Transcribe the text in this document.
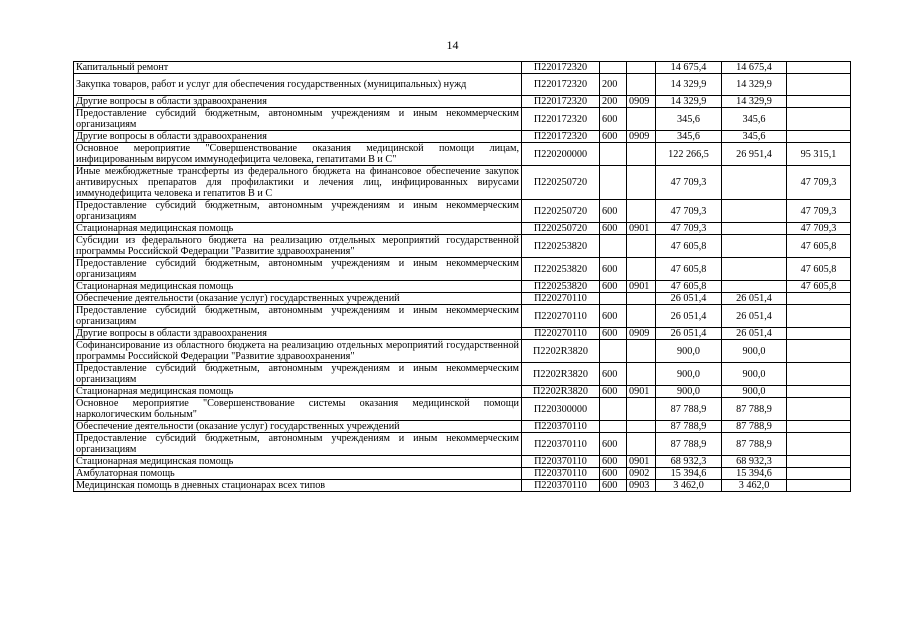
14
Капитальный ремонт	П220172320			14 675,4	14 675,4	
Закупка товаров, работ и услуг для обеспечения государственных (муниципальных) нужд	П220172320	200		14 329,9	14 329,9	
Другие вопросы в области здравоохранения	П220172320	200	0909	14 329,9	14 329,9	
Предоставление субсидий бюджетным, автономным учреждениям и иным некоммерческим организациям	П220172320	600		345,6	345,6	
Другие вопросы в области здравоохранения	П220172320	600	0909	345,6	345,6	
Основное мероприятие "Совершенствование оказания медицинской помощи лицам, инфицированным вирусом иммунодефицита человека, гепатитами В и С"	П220200000			122 266,5	26 951,4	95 315,1
Иные межбюджетные трансферты из федерального бюджета на финансовое обеспечение закупок антивирусных препаратов для профилактики и лечения лиц, инфицированных вирусами иммунодефицита человека и гепатитов В и С	П220250720			47 709,3		47 709,3
Предоставление субсидий бюджетным, автономным учреждениям и иным некоммерческим организациям	П220250720	600		47 709,3		47 709,3
Стационарная медицинская помощь	П220250720	600	0901	47 709,3		47 709,3
Субсидии из федерального бюджета на реализацию отдельных мероприятий государственной программы Российской Федерации "Развитие здравоохранения"	П220253820			47 605,8		47 605,8
Предоставление субсидий бюджетным, автономным учреждениям и иным некоммерческим организациям	П220253820	600		47 605,8		47 605,8
Стационарная медицинская помощь	П220253820	600	0901	47 605,8		47 605,8
Обеспечение деятельности (оказание услуг) государственных учреждений	П220270110			26 051,4	26 051,4	
Предоставление субсидий бюджетным, автономным учреждениям и иным некоммерческим организациям	П220270110	600		26 051,4	26 051,4	
Другие вопросы в области здравоохранения	П220270110	600	0909	26 051,4	26 051,4	
Софинансирование из областного бюджета на реализацию отдельных мероприятий государственной программы Российской Федерации "Развитие здравоохранения"	П2202R3820			900,0	900,0	
Предоставление субсидий бюджетным, автономным учреждениям и иным некоммерческим организациям	П2202R3820	600		900,0	900,0	
Стационарная медицинская помощь	П2202R3820	600	0901	900,0	900,0	
Основное мероприятие "Совершенствование системы оказания медицинской помощи наркологическим больным"	П220300000			87 788,9	87 788,9	
Обеспечение деятельности (оказание услуг) государственных учреждений	П220370110			87 788,9	87 788,9	
Предоставление субсидий бюджетным, автономным учреждениям и иным некоммерческим организациям	П220370110	600		87 788,9	87 788,9	
Стационарная медицинская помощь	П220370110	600	0901	68 932,3	68 932,3	
Амбулаторная помощь	П220370110	600	0902	15 394,6	15 394,6	
Медицинская помощь в дневных стационарах всех типов	П220370110	600	0903	3 462,0	3 462,0	
